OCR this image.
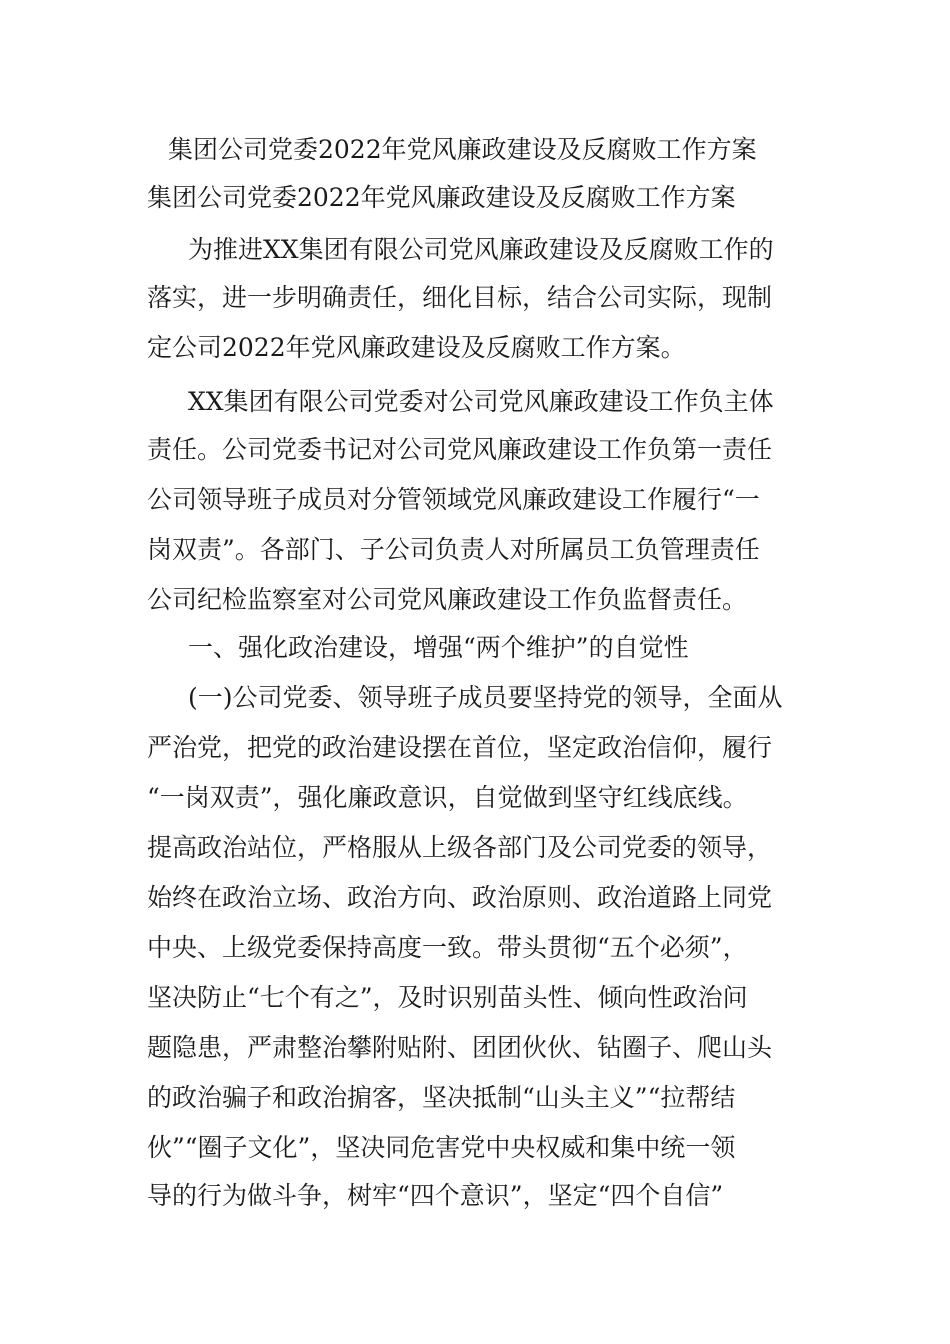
集团公司党委2022年党风廉政建设及反腐败工作方案
集团公司党委2022年党风廉政建设及反腐败工作方案
为推进XX集团有限公司党风廉政建设及反腐败工作的
落实，进一步明确责任，细化目标，结合公司实际，现制
定公司2022年党风廉政建设及反腐败工作方案。
XX集团有限公司党委对公司党风廉政建设工作负主体
责任。公司党委书记对公司党风廉政建设工作负第一责任
公司领导班子成员对分管领域党风廉政建设工作履行“一
岗双责”。各部门、子公司负责人对所属员工负管理责任
公司纪检监察室对公司党风廉政建设工作负监督责任。
一、强化政治建设，增强“两个维护”的自觉性
(一)公司党委、领导班子成员要坚持党的领导，全面从
严治党，把党的政治建设摆在首位，坚定政治信仰，履行
“一岗双责”，强化廉政意识，自觉做到坚守红线底线。
提高政治站位，严格服从上级各部门及公司党委的领导，
始终在政治立场、政治方向、政治原则、政治道路上同党
中央、上级党委保持高度一致。带头贯彻“五个必须”，
坚决防止“七个有之”，及时识别苗头性、倾向性政治问
题隐患，严肃整治攀附贴附、团团伙伙、钻圈子、爬山头
的政治骗子和政治掮客，坚决抵制“山头主义”“拉帮结
伙”“圈子文化”，坚决同危害党中央权威和集中统一领
导的行为做斗争，树牢“四个意识”，坚定“四个自信”
